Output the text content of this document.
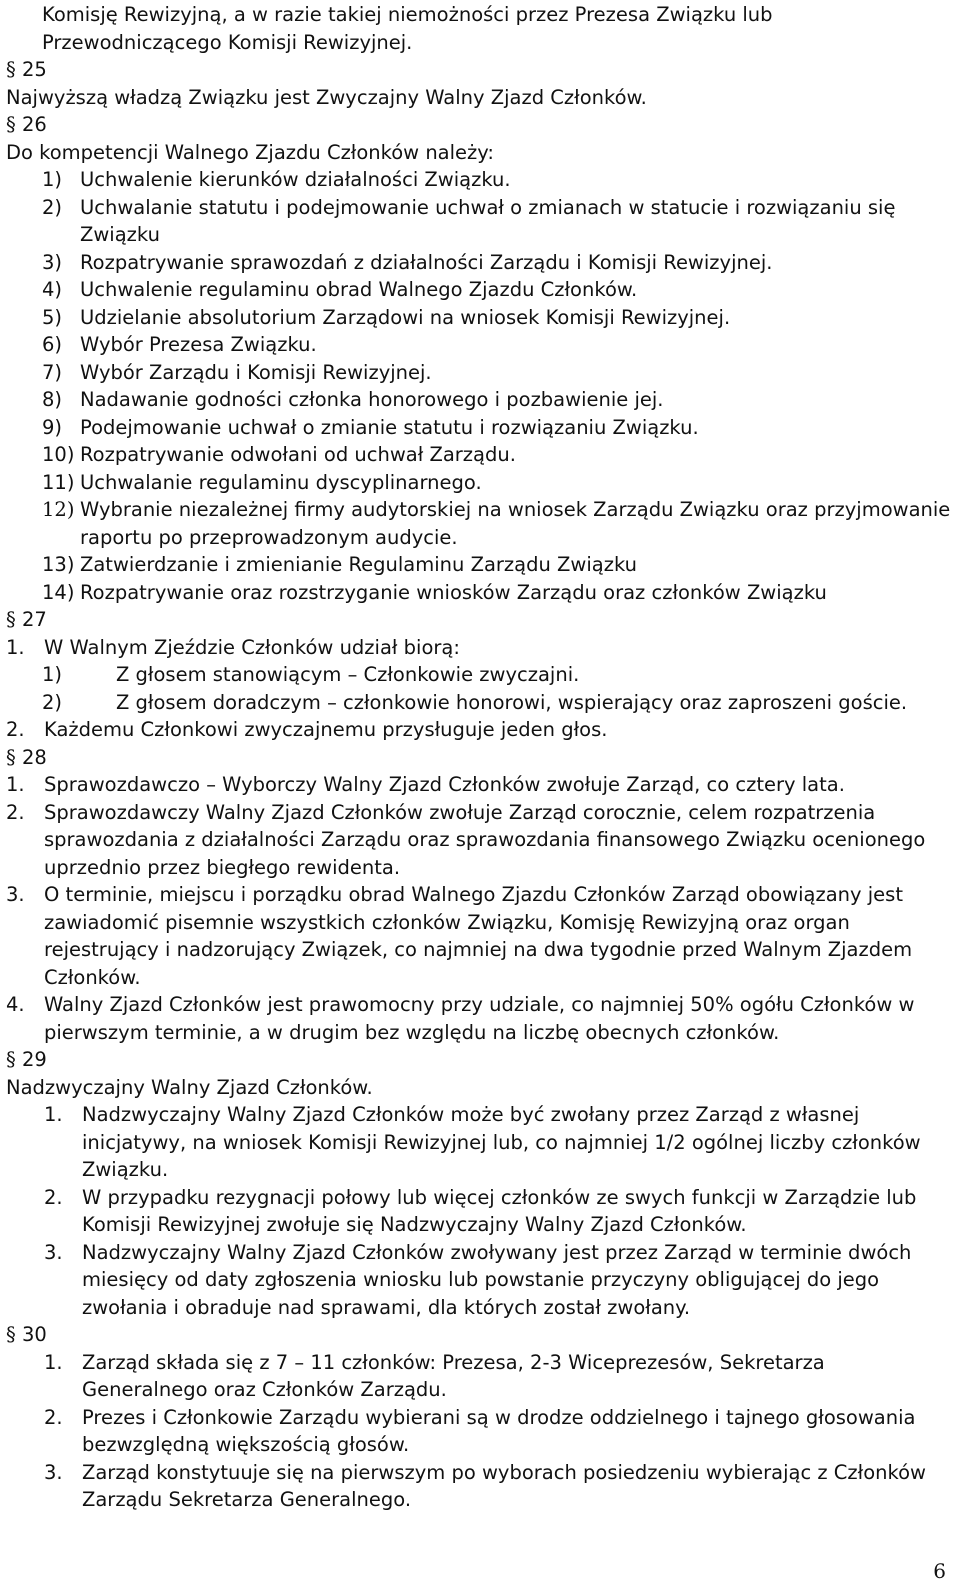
Komisję Rewizyjną, a w razie takiej niemożności przez Prezesa Związku lub

Przewodniczącego Komisji Rewizyjnej.

§ 25

Najwyższą władzą Związku jest Zwyczajny Walny Zjazd Członków.

§ 26

Do kompetencji Walnego Zjazdu Członków należy:

1) Uchwalenie kierunków działalności Związku.
2) Uchwalanie statutu i podejmowanie uchwał o zmianach w statucie i rozwiązaniu się Związku
3) Rozpatrywanie sprawozdań z działalności Zarządu i Komisji Rewizyjnej.
4) Uchwalenie regulaminu obrad Walnego Zjazdu Członków.
5) Udzielanie absolutorium Zarządowi na wniosek Komisji Rewizyjnej.
6) Wybór Prezesa Związku.
7) Wybór Zarządu i Komisji Rewizyjnej.
8) Nadawanie godności członka honorowego i pozbawienie jej.
9) Podejmowanie uchwał o zmianie statutu i rozwiązaniu Związku.
10) Rozpatrywanie odwołani od uchwał Zarządu.
11) Uchwalanie regulaminu dyscyplinarnego.
12) Wybranie niezależnej firmy audytorskiej na wniosek Zarządu Związku oraz przyjmowanie raportu po przeprowadzonym audycie.
13) Zatwierdzanie i zmienianie Regulaminu Zarządu Związku
14) Rozpatrywanie oraz rozstrzyganie wniosków Zarządu oraz członków Związku

§ 27

1. W Walnym Zjeździe Członków udział biorą:
1)	Z głosem stanowiącym – Członkowie zwyczajni.
2)	Z głosem doradczym – członkowie honorowi, wspierający oraz zaproszeni goście.
2. Każdemu Członkowi zwyczajnemu przysługuje jeden głos.

§ 28

1. Sprawozdawczo – Wyborczy Walny Zjazd Członków zwołuje Zarząd, co cztery lata.
2. Sprawozdawczy Walny Zjazd Członków zwołuje Zarząd corocznie, celem rozpatrzenia sprawozdania z działalności Zarządu oraz sprawozdania finansowego Związku ocenionego uprzednio przez biegłego rewidenta.
3. O terminie, miejscu i porządku obrad Walnego Zjazdu Członków Zarząd obowiązany jest zawiadomić pisemnie wszystkich członków Związku, Komisję Rewizyjną oraz organ rejestrujący i nadzorujący Związek, co najmniej na dwa tygodnie przed Walnym Zjazdem Członków.
4. Walny Zjazd Członków jest prawomocny przy udziale, co najmniej 50% ogółu Członków w pierwszym terminie, a w drugim bez względu na liczbę obecnych członków.

§ 29

Nadzwyczajny Walny Zjazd Członków.

1. Nadzwyczajny Walny Zjazd Członków może być zwołany przez Zarząd z własnej inicjatywy, na wniosek Komisji Rewizyjnej lub, co najmniej 1/2 ogólnej liczby członków Związku.
2. W przypadku rezygnacji połowy lub więcej członków ze swych funkcji w Zarządzie lub Komisji Rewizyjnej zwołuje się Nadzwyczajny Walny Zjazd Członków.
3. Nadzwyczajny Walny Zjazd Członków zwoływany jest przez Zarząd w terminie dwóch miesięcy od daty zgłoszenia wniosku lub powstanie przyczyny obligującej do jego zwołania i obraduje nad sprawami, dla których został zwołany.

§ 30

1. Zarząd składa się z 7 – 11 członków: Prezesa, 2-3 Wiceprezesów, Sekretarza Generalnego oraz Członków Zarządu.
2. Prezes i Członkowie Zarządu wybierani są w drodze oddzielnego i tajnego głosowania bezwzględną większością głosów.
3. Zarząd konstytuuje się na pierwszym po wyborach posiedzeniu wybierając z Członków Zarządu Sekretarza Generalnego.
6
